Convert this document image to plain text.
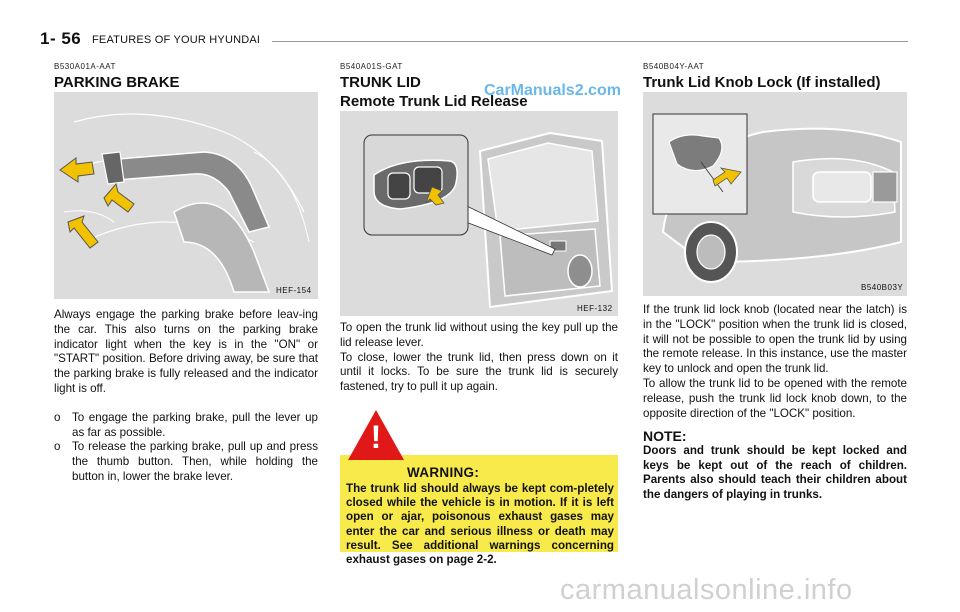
1- 56 FEATURES OF YOUR HYUNDAI
B530A01A-AAT
PARKING BRAKE
HEF-154

Always engage the parking brake before leav-ing the car. This also turns on the parking brake indicator light when the key is in the "ON" or "START" position. Before driving away, be sure that the parking brake is fully released and the indicator light is off.

o To engage the parking brake, pull the lever up as far as possible.
o To release the parking brake, pull up and press the thumb button. Then, while holding the button in, lower the brake lever.
B540A01S-GAT
TRUNK LID
Remote Trunk Lid Release
CarManuals2.com
HEF-132

To open the trunk lid without using the key pull up the lid release lever.

To close, lower the trunk lid, then press down on it until it locks. To be sure the trunk lid is securely fastened, try to pull it up again.

!
WARNING:
The trunk lid should always be kept com-pletely closed while the vehicle is in motion. If it is left open or ajar, poisonous exhaust gases may enter the car and serious illness or death may result. See additional warnings concerning exhaust gases on page 2-2.
B540B04Y-AAT
Trunk Lid Knob Lock (If installed)
B540B03Y

If the trunk lid lock knob (located near the latch) is in the "LOCK" position when the trunk lid is closed, it will not be possible to open the trunk lid by using the remote release. In this instance, use the master key to unlock and open the trunk lid.

To allow the trunk lid to be opened with the remote release, push the trunk lid lock knob down, to the opposite direction of the "LOCK" position.

NOTE:
Doors and trunk should be kept locked and keys be kept out of the reach of children. Parents also should teach their children about the dangers of playing in trunks.
carmanualsonline.info
